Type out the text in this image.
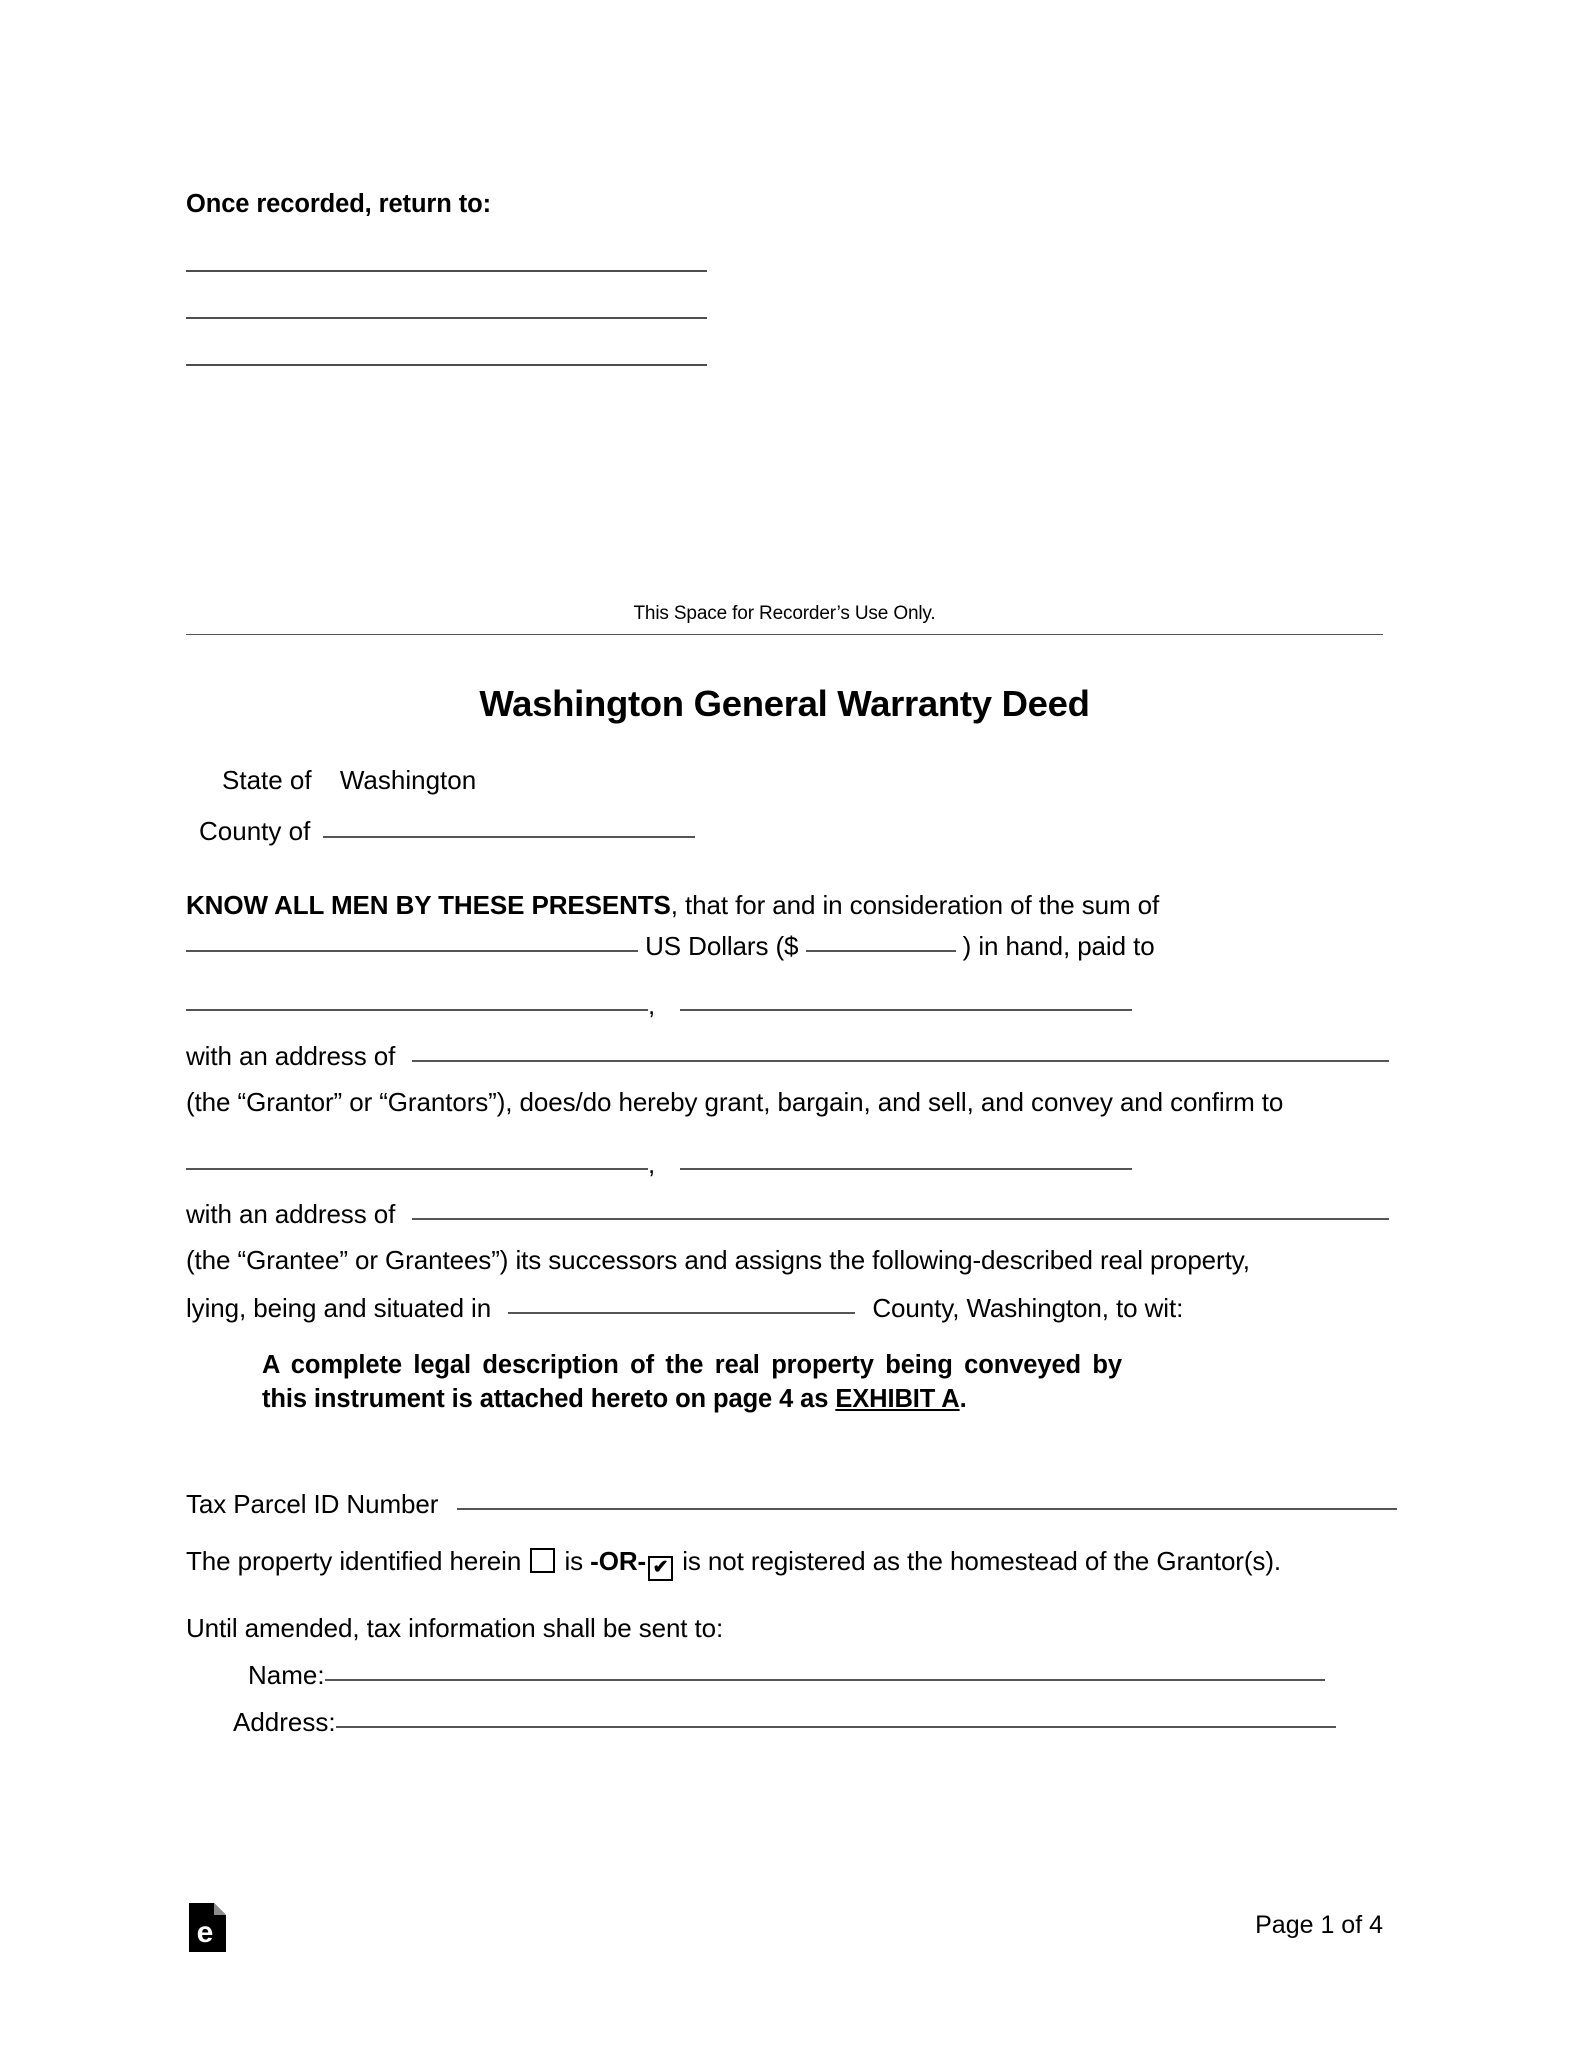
Once recorded, return to:
This Space for Recorder’s Use Only.
Washington General Warranty Deed
State of Washington
County of
KNOW ALL MEN BY THESE PRESENTS, that for and in consideration of the sum of
US Dollars ($	) in hand, paid to
,
with an address of
(the “Grantor” or “Grantors”), does/do hereby grant, bargain, and sell, and convey and confirm to
,
with an address of
(the “Grantee” or Grantees”) its successors and assigns the following-described real property,
lying, being and situated in	County, Washington, to wit:
A complete legal description of the real property being conveyed by this instrument is attached hereto on page 4 as EXHIBIT A.
Tax Parcel ID Number
The property identified herein is -OR- ✔ is not registered as the homestead of the Grantor(s).
Until amended, tax information shall be sent to:
Name:
Address:
e	Page 1 of 4
